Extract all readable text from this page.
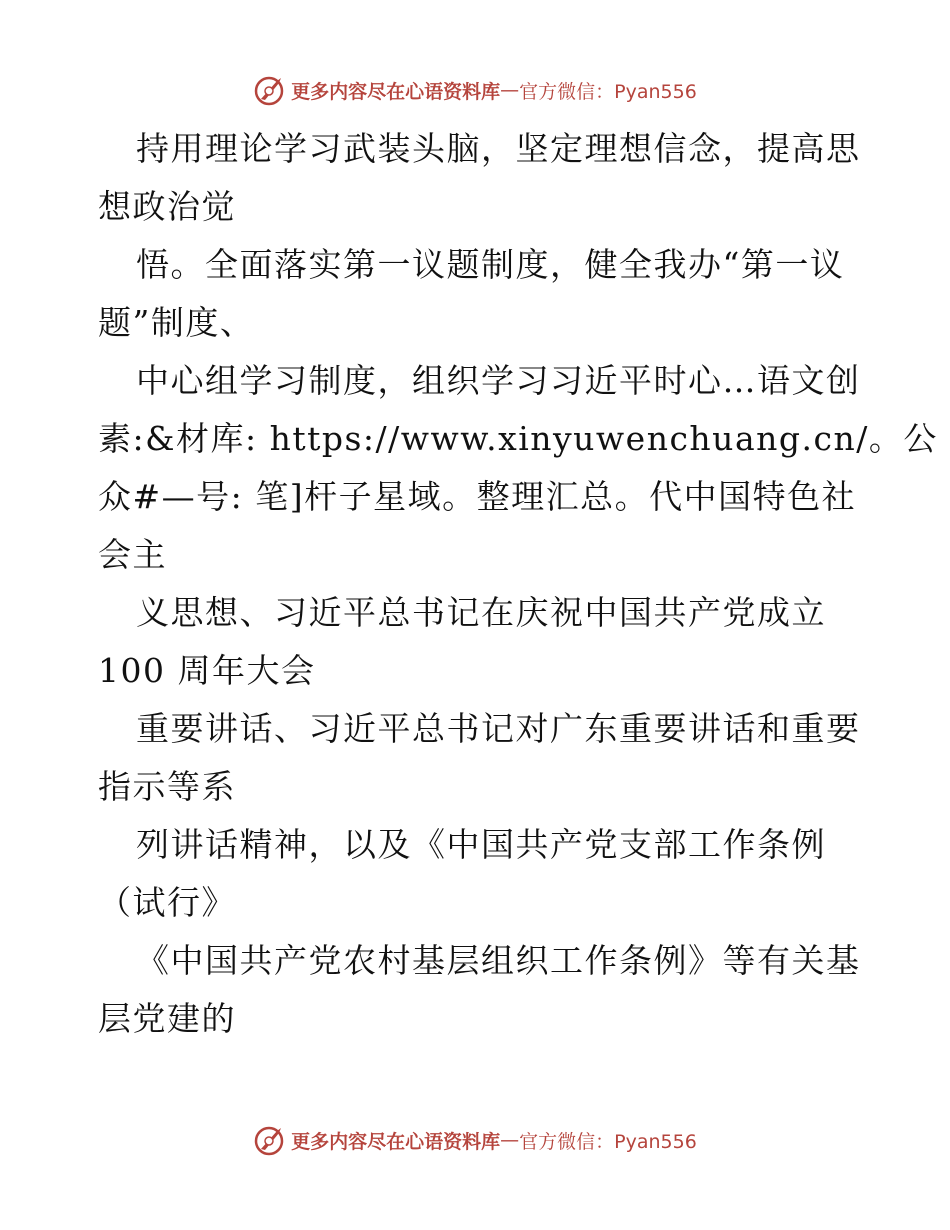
更多内容尽在心语资料库 — 官方微信：Pyan556
持用理论学习武装头脑，坚定理想信念，提高思
想政治觉
悟。全面落实第一议题制度，健全我办“第一议
题”制度、
中心组学习制度，组织学习习近平时心…语文创
素:&材库: https://www.xinyuwenchuang.cn/。公
众#—号: 笔]杆子星域。整理汇总。代中国特色社
会主
义思想、习近平总书记在庆祝中国共产党成立
100 周年大会
重要讲话、习近平总书记对广东重要讲话和重要
指示等系
列讲话精神，以及《中国共产党支部工作条例
（试行》
《中国共产党农村基层组织工作条例》等有关基
层党建的
更多内容尽在心语资料库 — 官方微信：Pyan556
